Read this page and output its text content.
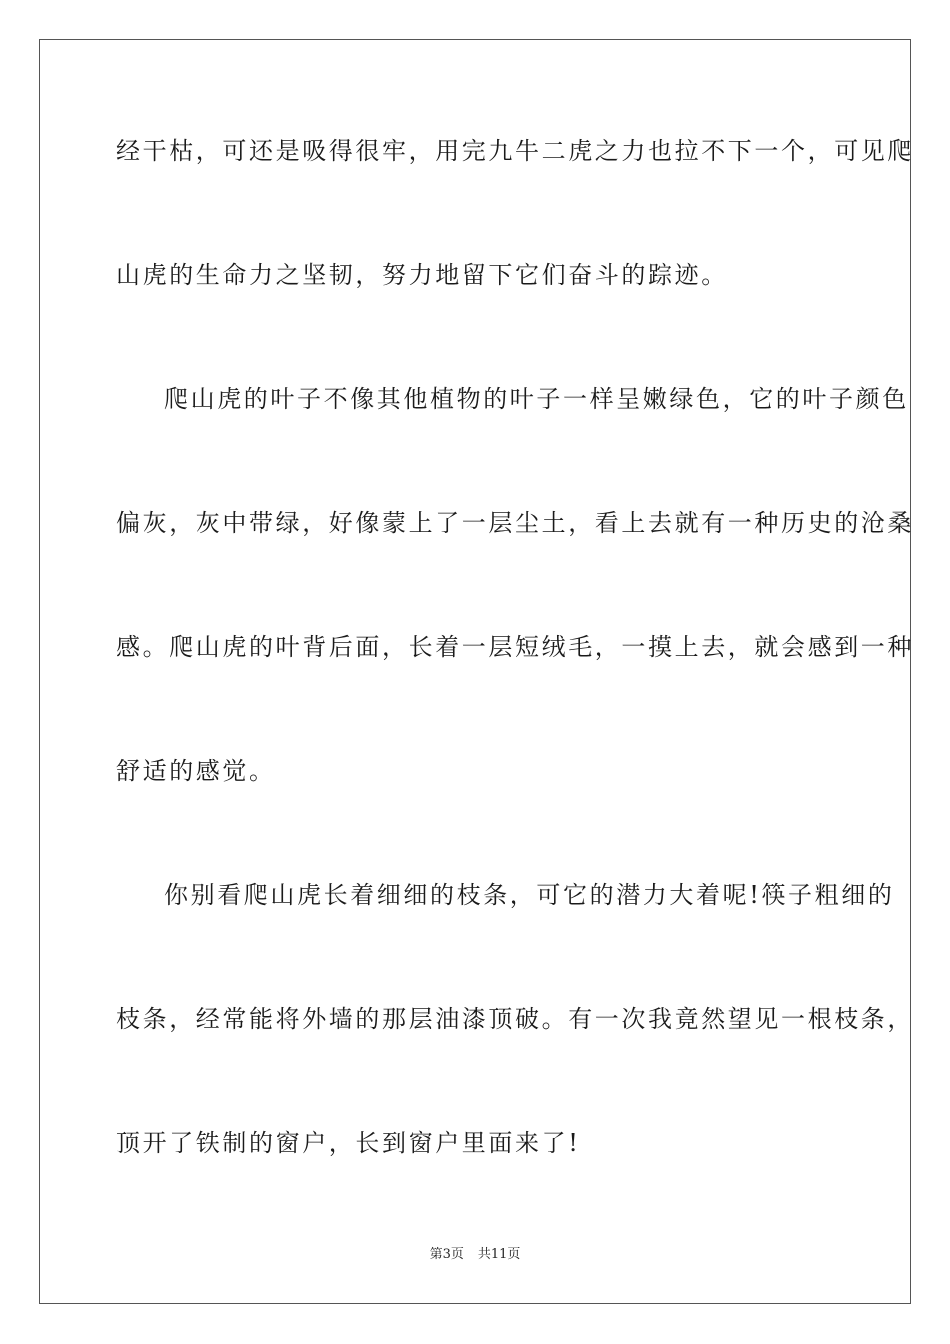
经干枯，可还是吸得很牢，用完九牛二虎之力也拉不下一个，可见爬
山虎的生命力之坚韧，努力地留下它们奋斗的踪迹。
爬山虎的叶子不像其他植物的叶子一样呈嫩绿色，它的叶子颜色
偏灰，灰中带绿，好像蒙上了一层尘土，看上去就有一种历史的沧桑
感。爬山虎的叶背后面，长着一层短绒毛，一摸上去，就会感到一种
舒适的感觉。
你别看爬山虎长着细细的枝条，可它的潜力大着呢!筷子粗细的
枝条，经常能将外墙的那层油漆顶破。有一次我竟然望见一根枝条，
顶开了铁制的窗户，长到窗户里面来了!
第3页 共11页
